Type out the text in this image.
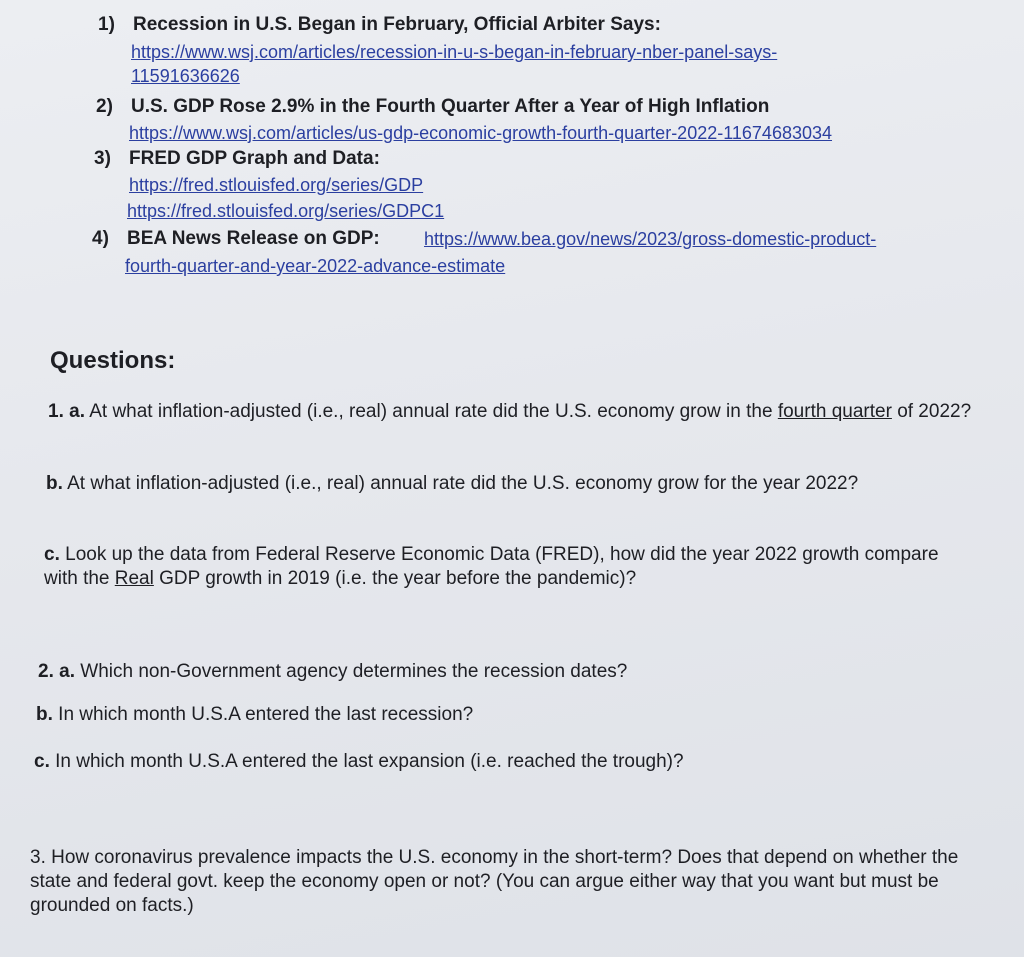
1) Recession in U.S. Began in February, Official Arbiter Says:
https://www.wsj.com/articles/recession-in-u-s-began-in-february-nber-panel-says-
11591636626
2) U.S. GDP Rose 2.9% in the Fourth Quarter After a Year of High Inflation
https://www.wsj.com/articles/us-gdp-economic-growth-fourth-quarter-2022-11674683034
3) FRED GDP Graph and Data:
https://fred.stlouisfed.org/series/GDP
https://fred.stlouisfed.org/series/GDPC1
4) BEA News Release on GDP: https://www.bea.gov/news/2023/gross-domestic-product-
fourth-quarter-and-year-2022-advance-estimate
Questions:
1. a. At what inflation-adjusted (i.e., real) annual rate did the U.S. economy grow in the fourth quarter of 2022?
b. At what inflation-adjusted (i.e., real) annual rate did the U.S. economy grow for the year 2022?
c. Look up the data from Federal Reserve Economic Data (FRED), how did the year 2022 growth compare with the Real GDP growth in 2019 (i.e. the year before the pandemic)?
2. a. Which non-Government agency determines the recession dates?
b. In which month U.S.A entered the last recession?
c. In which month U.S.A entered the last expansion (i.e. reached the trough)?
3. How coronavirus prevalence impacts the U.S. economy in the short-term? Does that depend on whether the state and federal govt. keep the economy open or not? (You can argue either way that you want but must be grounded on facts.)
